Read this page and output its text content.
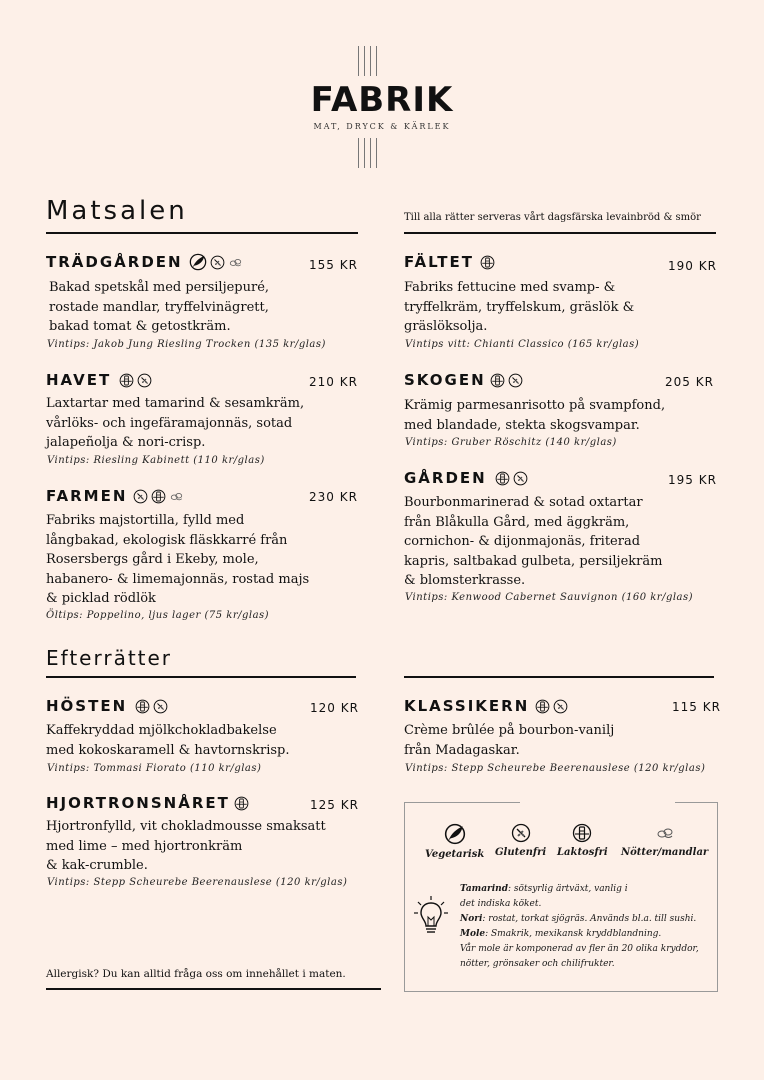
FABRIK
MAT, DRYCK & KÄRLEK
Matsalen	Till alla rätter serveras vårt dagsfärska levainbröd & smör
TRÄDGÅRDEN	155 KR
Bakad spetskål med persiljepuré,
rostade mandlar, tryffelvinägrett,
bakad tomat & getostkräm.
Vintips: Jakob Jung Riesling Trocken (135 kr/glas)
HAVET	210 KR
Laxtartar med tamarind & sesamkräm,
vårlöks- och ingefäramajonnäs, sotad
jalapeñolja & nori-crisp.
Vintips: Riesling Kabinett (110 kr/glas)
FARMEN	230 KR
Fabriks majstortilla, fylld med
långbakad, ekologisk fläskkarré från
Rosersbergs gård i Ekeby, mole,
habanero- & limemajonnäs, rostad majs
& picklad rödlök
Öltips: Poppelino, ljus lager (75 kr/glas)
FÄLTET	190 KR
Fabriks fettucine med svamp- &
tryffelkräm, tryffelskum, gräslök &
gräslöksolja.
Vintips vitt: Chianti Classico (165 kr/glas)
SKOGEN	205 KR
Krämig parmesanrisotto på svampfond,
med blandade, stekta skogsvampar.
Vintips: Gruber Röschitz (140 kr/glas)
GÅRDEN	195 KR
Bourbonmarinerad & sotad oxtartar
från Blåkulla Gård, med äggkräm,
cornichon- & dijonmajonäs, friterad
kapris, saltbakad gulbeta, persiljekräm
& blomsterkrasse.
Vintips: Kenwood Cabernet Sauvignon (160 kr/glas)
Efterrätter
HÖSTEN	120 KR
Kaffekryddad mjölkchokladbakelse
med kokoskaramell & havtornskrisp.
Vintips: Tommasi Fiorato (110 kr/glas)
HJORTRONSNÅRET	125 KR
Hjortronfylld, vit chokladmousse smaksatt
med lime – med hjortronkräm
& kak-crumble.
Vintips: Stepp Scheurebe Beerenauslese (120 kr/glas)
KLASSIKERN	115 KR
Crème brûlée på bourbon-vanilj
från Madagaskar.
Vintips: Stepp Scheurebe Beerenauslese (120 kr/glas)
Allergisk? Du kan alltid fråga oss om innehållet i maten.
Vegetarisk Glutenfri Laktosfri Nötter/mandlar
Tamarind: sötsyrlig ärtväxt, vanlig i
det indiska köket.
Nori: rostat, torkat sjögräs. Används bl.a. till sushi.
Mole: Smakrik, mexikansk kryddblandning.
Vår mole är komponerad av fler än 20 olika kryddor,
nötter, grönsaker och chilifrukter.
